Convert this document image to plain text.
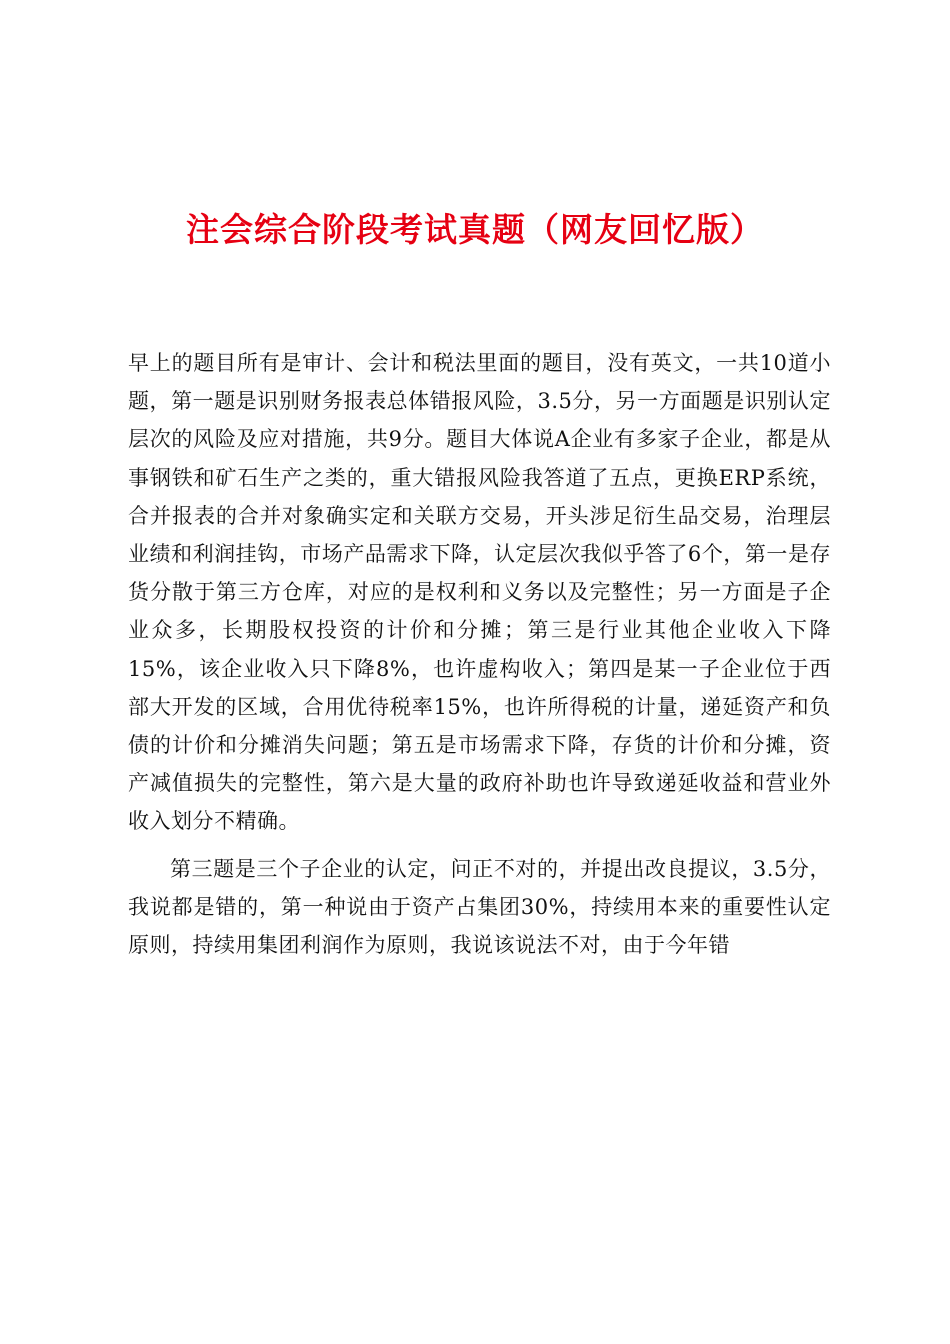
注会综合阶段考试真题（网友回忆版）

早上的题目所有是审计、会计和税法里面的题目，没有英文，一共10道小题，第一题是识别财务报表总体错报风险，3.5分，另一方面题是识别认定层次的风险及应对措施，共9分。题目大体说A企业有多家子企业，都是从事钢铁和矿石生产之类的，重大错报风险我答道了五点，更换ERP系统，合并报表的合并对象确实定和关联方交易，开头涉足衍生品交易，治理层业绩和利润挂钩，市场产品需求下降，认定层次我似乎答了6个，第一是存货分散于第三方仓库，对应的是权利和义务以及完整性；另一方面是子企业众多，长期股权投资的计价和分摊；第三是行业其他企业收入下降15%，该企业收入只下降8%，也许虚构收入；第四是某一子企业位于西部大开发的区域，合用优待税率15%，也许所得税的计量，递延资产和负债的计价和分摊消失问题；第五是市场需求下降，存货的计价和分摊，资产减值损失的完整性，第六是大量的政府补助也许导致递延收益和营业外收入划分不精确。

第三题是三个子企业的认定，问正不对的，并提出改良提议，3.5分，我说都是错的，第一种说由于资产占集团30%，持续用本来的重要性认定原则，持续用集团利润作为原则，我说该说法不对，由于今年错
